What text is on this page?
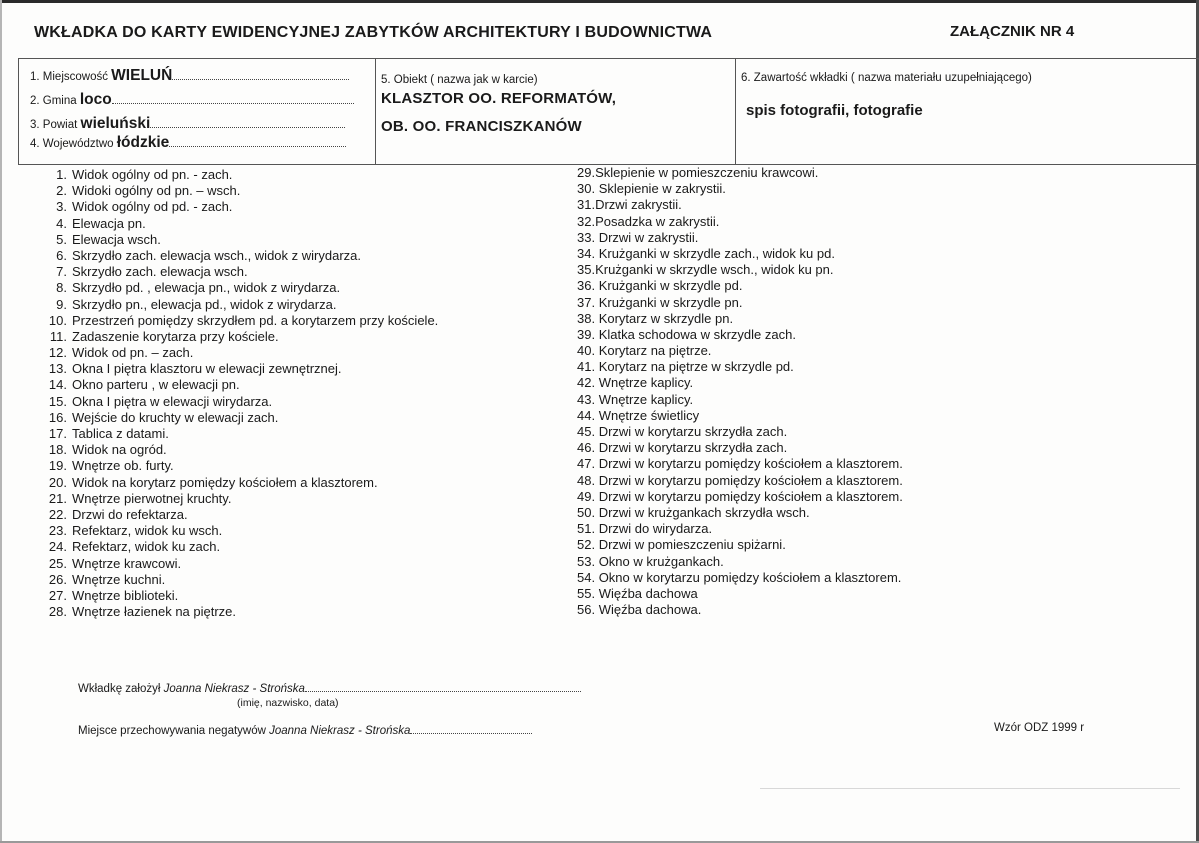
WKŁADKA DO KARTY EWIDENCYJNEJ ZABYTKÓW ARCHITEKTURY I BUDOWNICTWA	ZAŁĄCZNIK NR 4
1. Miejscowość WIELUŃ
2. Gmina loco
3. Powiat wieluński
4. Województwo łódzkie
5. Obiekt ( nazwa jak w karcie)
KLASZTOR OO. REFORMATÓW,
OB. OO. FRANCISZKANÓW
6. Zawartość wkładki ( nazwa materiału uzupełniającego)
spis fotografii, fotografie
1. Widok ogólny od pn. - zach.
2. Widoki ogólny od pn. – wsch.
3. Widok ogólny od pd. - zach.
4. Elewacja pn.
5. Elewacja wsch.
6. Skrzydło zach. elewacja wsch., widok z wirydarza.
7. Skrzydło zach. elewacja wsch.
8. Skrzydło pd. , elewacja pn., widok z wirydarza.
9. Skrzydło pn., elewacja pd., widok z wirydarza.
10. Przestrzeń pomiędzy skrzydłem pd. a korytarzem przy kościele.
11. Zadaszenie korytarza przy kościele.
12. Widok od pn. – zach.
13. Okna I piętra klasztoru w elewacji zewnętrznej.
14. Okno parteru , w elewacji pn.
15. Okna I piętra w elewacji wirydarza.
16. Wejście do kruchty w elewacji zach.
17. Tablica z datami.
18. Widok na ogród.
19. Wnętrze ob. furty.
20. Widok na korytarz pomiędzy kościołem a klasztorem.
21. Wnętrze pierwotnej kruchty.
22. Drzwi do refektarza.
23. Refektarz, widok ku wsch.
24. Refektarz, widok ku zach.
25. Wnętrze krawcowi.
26. Wnętrze kuchni.
27. Wnętrze biblioteki.
28. Wnętrze łazienek na piętrze.
29.Sklepienie w pomieszczeniu krawcowi.
30. Sklepienie w zakrystii.
31.Drzwi zakrystii.
32.Posadzka w zakrystii.
33. Drzwi w zakrystii.
34. Krużganki w skrzydle zach., widok ku pd.
35.Krużganki w skrzydle wsch., widok ku pn.
36. Krużganki w skrzydle pd.
37. Krużganki w skrzydle pn.
38. Korytarz w skrzydle pn.
39. Klatka schodowa w skrzydle zach.
40. Korytarz na piętrze.
41. Korytarz na piętrze w skrzydle pd.
42. Wnętrze kaplicy.
43. Wnętrze kaplicy.
44. Wnętrze świetlicy
45. Drzwi w korytarzu skrzydła zach.
46. Drzwi w korytarzu skrzydła zach.
47. Drzwi w korytarzu pomiędzy kościołem a klasztorem.
48. Drzwi w korytarzu pomiędzy kościołem a klasztorem.
49. Drzwi w korytarzu pomiędzy kościołem a klasztorem.
50. Drzwi w krużgankach skrzydła wsch.
51. Drzwi do wirydarza.
52. Drzwi w pomieszczeniu spiżarni.
53. Okno w krużgankach.
54. Okno w korytarzu pomiędzy kościołem a klasztorem.
55. Więźba dachowa
56. Więźba dachowa.
Wkładkę założył Joanna Niekrasz - Strońska
(imię, nazwisko, data)
Miejsce przechowywania negatywów Joanna Niekrasz - Strońska	Wzór ODZ 1999 r
